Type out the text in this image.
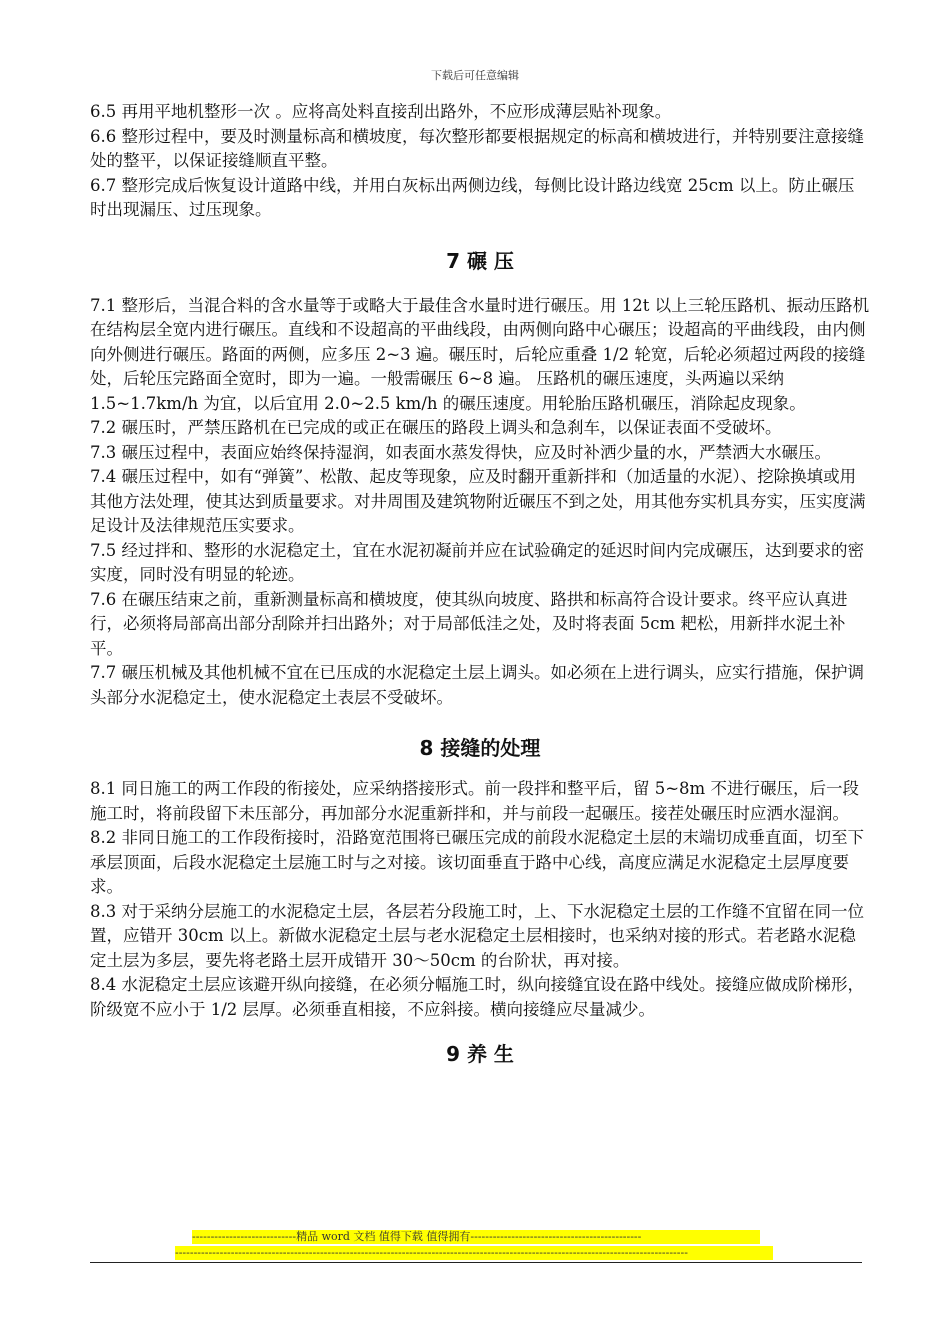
下载后可任意编辑

6.5 再用平地机整形一次 。应将高处料直接刮出路外，不应形成薄层贴补现象。

6.6 整形过程中，要及时测量标高和横坡度，每次整形都要根据规定的标高和横坡进行，并特别要注意接缝处的整平，以保证接缝顺直平整。

6.7 整形完成后恢复设计道路中线，并用白灰标出两侧边线，每侧比设计路边线宽 25cm 以上。防止碾压时出现漏压、过压现象。

7 碾 压

7.1 整形后，当混合料的含水量等于或略大于最佳含水量时进行碾压。用 12t 以上三轮压路机、振动压路机在结构层全宽内进行碾压。直线和不设超高的平曲线段，由两侧向路中心碾压；设超高的平曲线段，由内侧向外侧进行碾压。路面的两侧，应多压 2~3 遍。碾压时，后轮应重叠 1/2 轮宽，后轮必须超过两段的接缝处，后轮压完路面全宽时，即为一遍。一般需碾压 6~8 遍。 压路机的碾压速度，头两遍以采纳 1.5~1.7km/h 为宜，以后宜用 2.0~2.5 km/h 的碾压速度。用轮胎压路机碾压，消除起皮现象。

7.2 碾压时，严禁压路机在已完成的或正在碾压的路段上调头和急刹车，以保证表面不受破坏。

7.3 碾压过程中，表面应始终保持湿润，如表面水蒸发得快，应及时补洒少量的水，严禁洒大水碾压。

7.4 碾压过程中，如有“弹簧”、松散、起皮等现象，应及时翻开重新拌和（加适量的水泥）、挖除换填或用其他方法处理，使其达到质量要求。对井周围及建筑物附近碾压不到之处，用其他夯实机具夯实，压实度满足设计及法律规范压实要求。

7.5 经过拌和、整形的水泥稳定土，宜在水泥初凝前并应在试验确定的延迟时间内完成碾压，达到要求的密实度，同时没有明显的轮迹。

7.6 在碾压结束之前，重新测量标高和横坡度，使其纵向坡度、路拱和标高符合设计要求。终平应认真进行，必须将局部高出部分刮除并扫出路外；对于局部低洼之处，及时将表面 5cm 耙松，用新拌水泥土补平。

7.7 碾压机械及其他机械不宜在已压成的水泥稳定土层上调头。如必须在上进行调头，应实行措施，保护调头部分水泥稳定土，使水泥稳定土表层不受破坏。

8 接缝的处理

8.1 同日施工的两工作段的衔接处，应采纳搭接形式。前一段拌和整平后，留 5~8m 不进行碾压，后一段施工时，将前段留下未压部分，再加部分水泥重新拌和，并与前段一起碾压。接茬处碾压时应洒水湿润。

8.2 非同日施工的工作段衔接时，沿路宽范围将已碾压完成的前段水泥稳定土层的末端切成垂直面，切至下承层顶面，后段水泥稳定土层施工时与之对接。该切面垂直于路中心线，高度应满足水泥稳定土层厚度要求。

8.3 对于采纳分层施工的水泥稳定土层，各层若分段施工时，上、下水泥稳定土层的工作缝不宜留在同一位置，应错开 30cm 以上。新做水泥稳定土层与老水泥稳定土层相接时，也采纳对接的形式。若老路水泥稳定土层为多层，要先将老路土层开成错开 30～50cm 的台阶状，再对接。

8.4 水泥稳定土层应该避开纵向接缝，在必须分幅施工时，纵向接缝宜设在路中线处。接缝应做成阶梯形，阶级宽不应小于 1/2 层厚。必须垂直相接，不应斜接。横向接缝应尽量减少。

9 养 生
----------------------------精品 word 文档 值得下载 值得拥有----------------------------------------------
------------------------------------------------------------------------------------------------------------------------------------------
